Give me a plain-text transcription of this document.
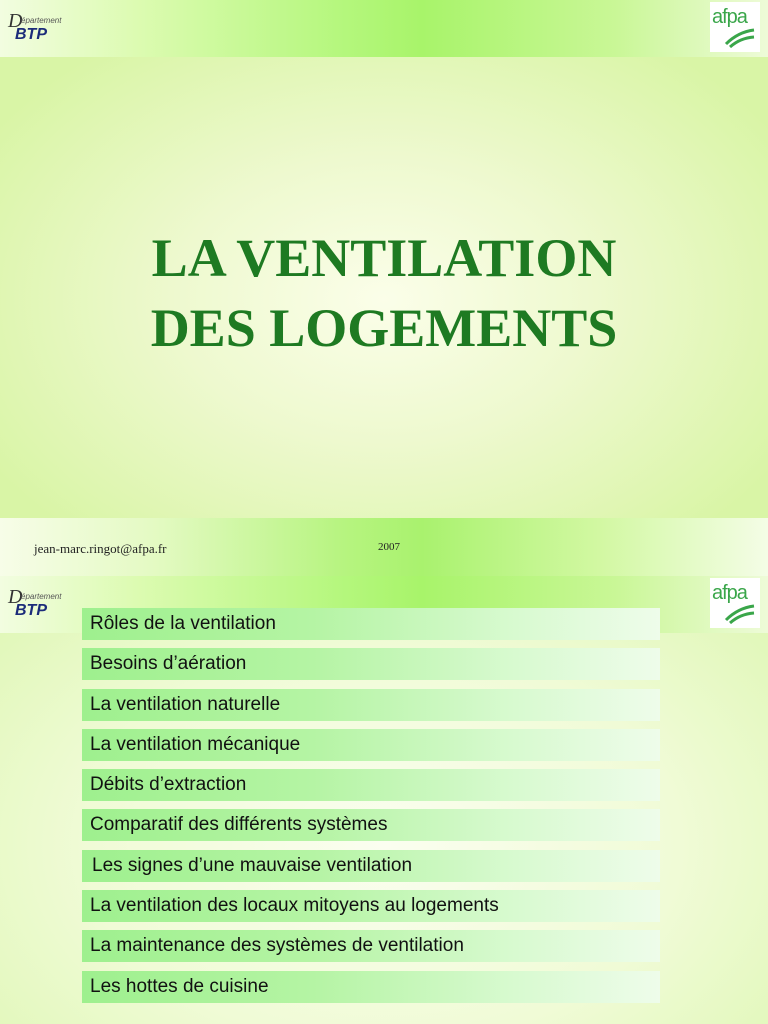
D
épartement
BTP
afpa
LA VENTILATION
DES LOGEMENTS
jean-marc.ringot@afpa.fr	2007
D
épartement
BTP
afpa
Rôles de la ventilation
Besoins d’aération
La ventilation naturelle
La ventilation mécanique
Débits d’extraction
Comparatif des différents systèmes
Les signes d’une mauvaise ventilation
La ventilation des locaux mitoyens au logements
La maintenance des systèmes de ventilation
Les hottes de cuisine
